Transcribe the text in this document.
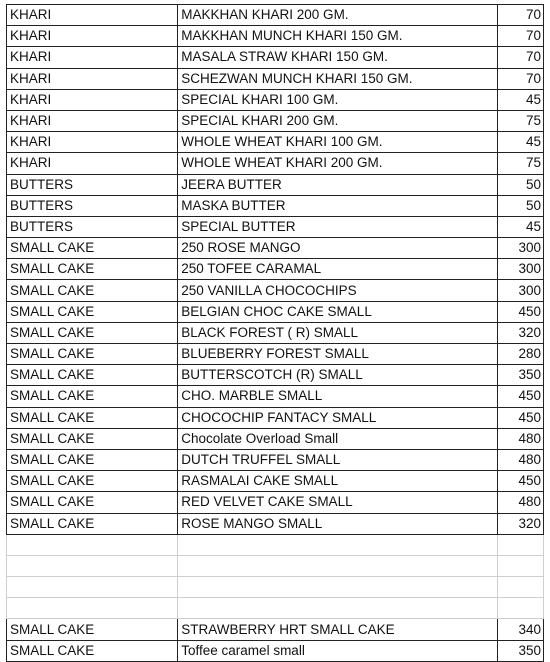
KHARI	MAKKHAN KHARI 200 GM.	70
KHARI	MAKKHAN MUNCH KHARI 150 GM.	70
KHARI	MASALA STRAW KHARI 150 GM.	70
KHARI	SCHEZWAN MUNCH KHARI 150 GM.	70
KHARI	SPECIAL KHARI 100 GM.	45
KHARI	SPECIAL KHARI 200 GM.	75
KHARI	WHOLE WHEAT KHARI 100 GM.	45
KHARI	WHOLE WHEAT KHARI 200 GM.	75
BUTTERS	JEERA BUTTER	50
BUTTERS	MASKA BUTTER	50
BUTTERS	SPECIAL BUTTER	45
SMALL CAKE	250 ROSE MANGO	300
SMALL CAKE	250 TOFEE CARAMAL	300
SMALL CAKE	250 VANILLA CHOCOCHIPS	300
SMALL CAKE	BELGIAN CHOC CAKE SMALL	450
SMALL CAKE	BLACK FOREST ( R) SMALL	320
SMALL CAKE	BLUEBERRY FOREST SMALL	280
SMALL CAKE	BUTTERSCOTCH (R) SMALL	350
SMALL CAKE	CHO. MARBLE SMALL	450
SMALL CAKE	CHOCOCHIP FANTACY SMALL	450
SMALL CAKE	Chocolate Overload Small	480
SMALL CAKE	DUTCH TRUFFEL SMALL	480
SMALL CAKE	RASMALAI CAKE SMALL	450
SMALL CAKE	RED VELVET CAKE SMALL	480
SMALL CAKE	ROSE MANGO SMALL	320

SMALL CAKE	STRAWBERRY HRT SMALL CAKE	340
SMALL CAKE	Toffee caramel small	350
